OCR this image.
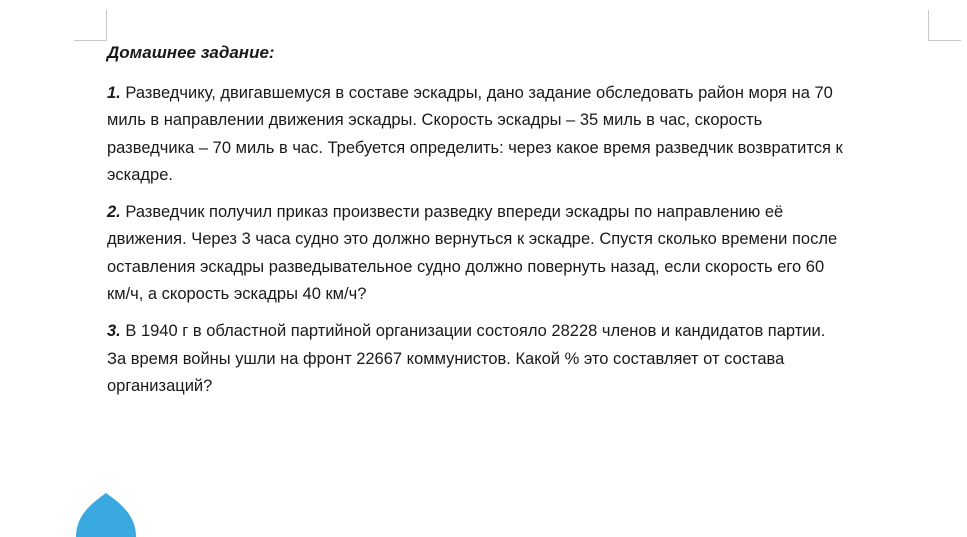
Домашнее задание:

1. Разведчику, двигавшемуся в составе эскадры, дано задание обследовать район моря на 70
миль в направлении движения эскадры. Скорость эскадры – 35 миль в час, скорость
разведчика – 70 миль в час. Требуется определить: через какое время разведчик возвратится к
эскадре.

2. Разведчик получил приказ произвести разведку впереди эскадры по направлению её
движения. Через 3 часа судно это должно вернуться к эскадре. Спустя сколько времени после
оставления эскадры разведывательное судно должно повернуть назад, если скорость его 60
км/ч, а скорость эскадры 40 км/ч?

3. В 1940 г в областной партийной организации состояло 28228 членов и кандидатов партии.
За время войны ушли на фронт 22667 коммунистов. Какой % это составляет от состава
организаций?
